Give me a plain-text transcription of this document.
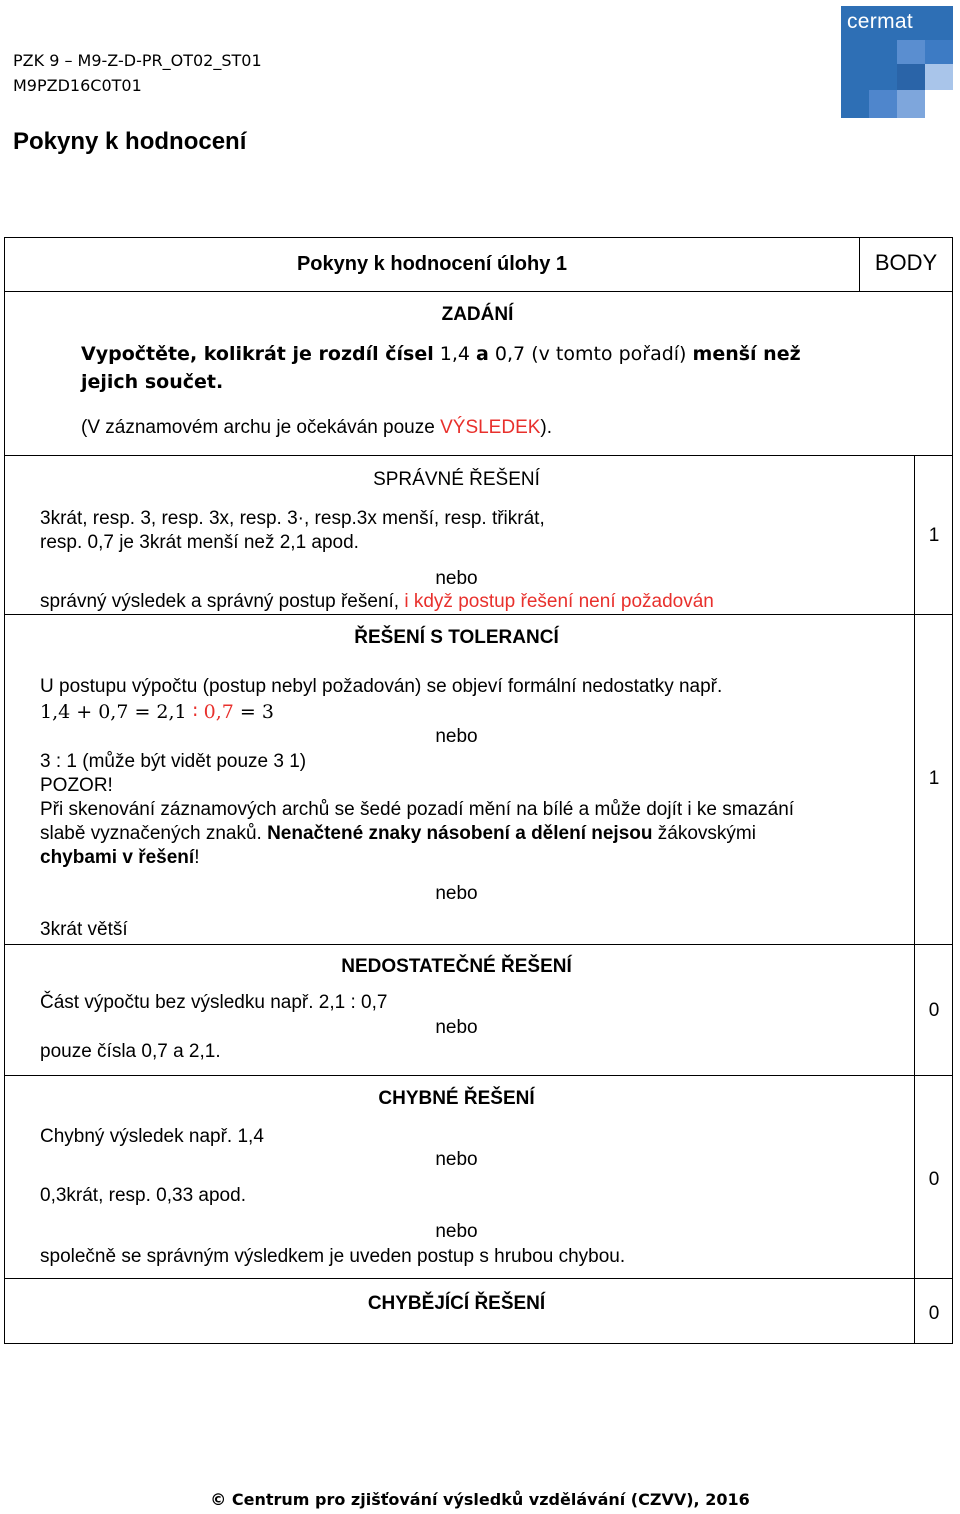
PZK 9 – M9-Z-D-PR_OT02_ST01
M9PZD16C0T01
Pokyny k hodnocení
cermat
Pokyny k hodnocení úlohy 1	BODY
ZADÁNÍ
Vypočtěte, kolikrát je rozdíl čísel 1,4 a 0,7 (v tomto pořadí) menší než
jejich součet.
(V záznamovém archu je očekáván pouze VÝSLEDEK).
SPRÁVNÉ ŘEŠENÍ
3krát, resp. 3, resp. 3x, resp. 3·, resp.3x menší, resp. třikrát,
resp. 0,7 je 3krát menší než 2,1 apod.
nebo
správný výsledek a správný postup řešení, i když postup řešení není požadován
1
ŘEŠENÍ S TOLERANCÍ
U postupu výpočtu (postup nebyl požadován) se objeví formální nedostatky např.
1,4 + 0,7 = 2,1 ∶ 0,7 = 3
nebo
3 : 1 (může být vidět pouze 3 1)
POZOR!
Při skenování záznamových archů se šedé pozadí mění na bílé a může dojít i ke smazání
slabě vyznačených znaků. Nenačtené znaky násobení a dělení nejsou žákovskými
chybami v řešení!
nebo
3krát větší
1
NEDOSTATEČNÉ ŘEŠENÍ
Část výpočtu bez výsledku např. 2,1 : 0,7
nebo
pouze čísla 0,7 a 2,1.
0
CHYBNÉ ŘEŠENÍ
Chybný výsledek např. 1,4
nebo
0,3krát, resp. 0,33 apod.
nebo
společně se správným výsledkem je uveden postup s hrubou chybou.
0
CHYBĚJÍCÍ ŘEŠENÍ	0
© Centrum pro zjišťování výsledků vzdělávání (CZVV), 2016
